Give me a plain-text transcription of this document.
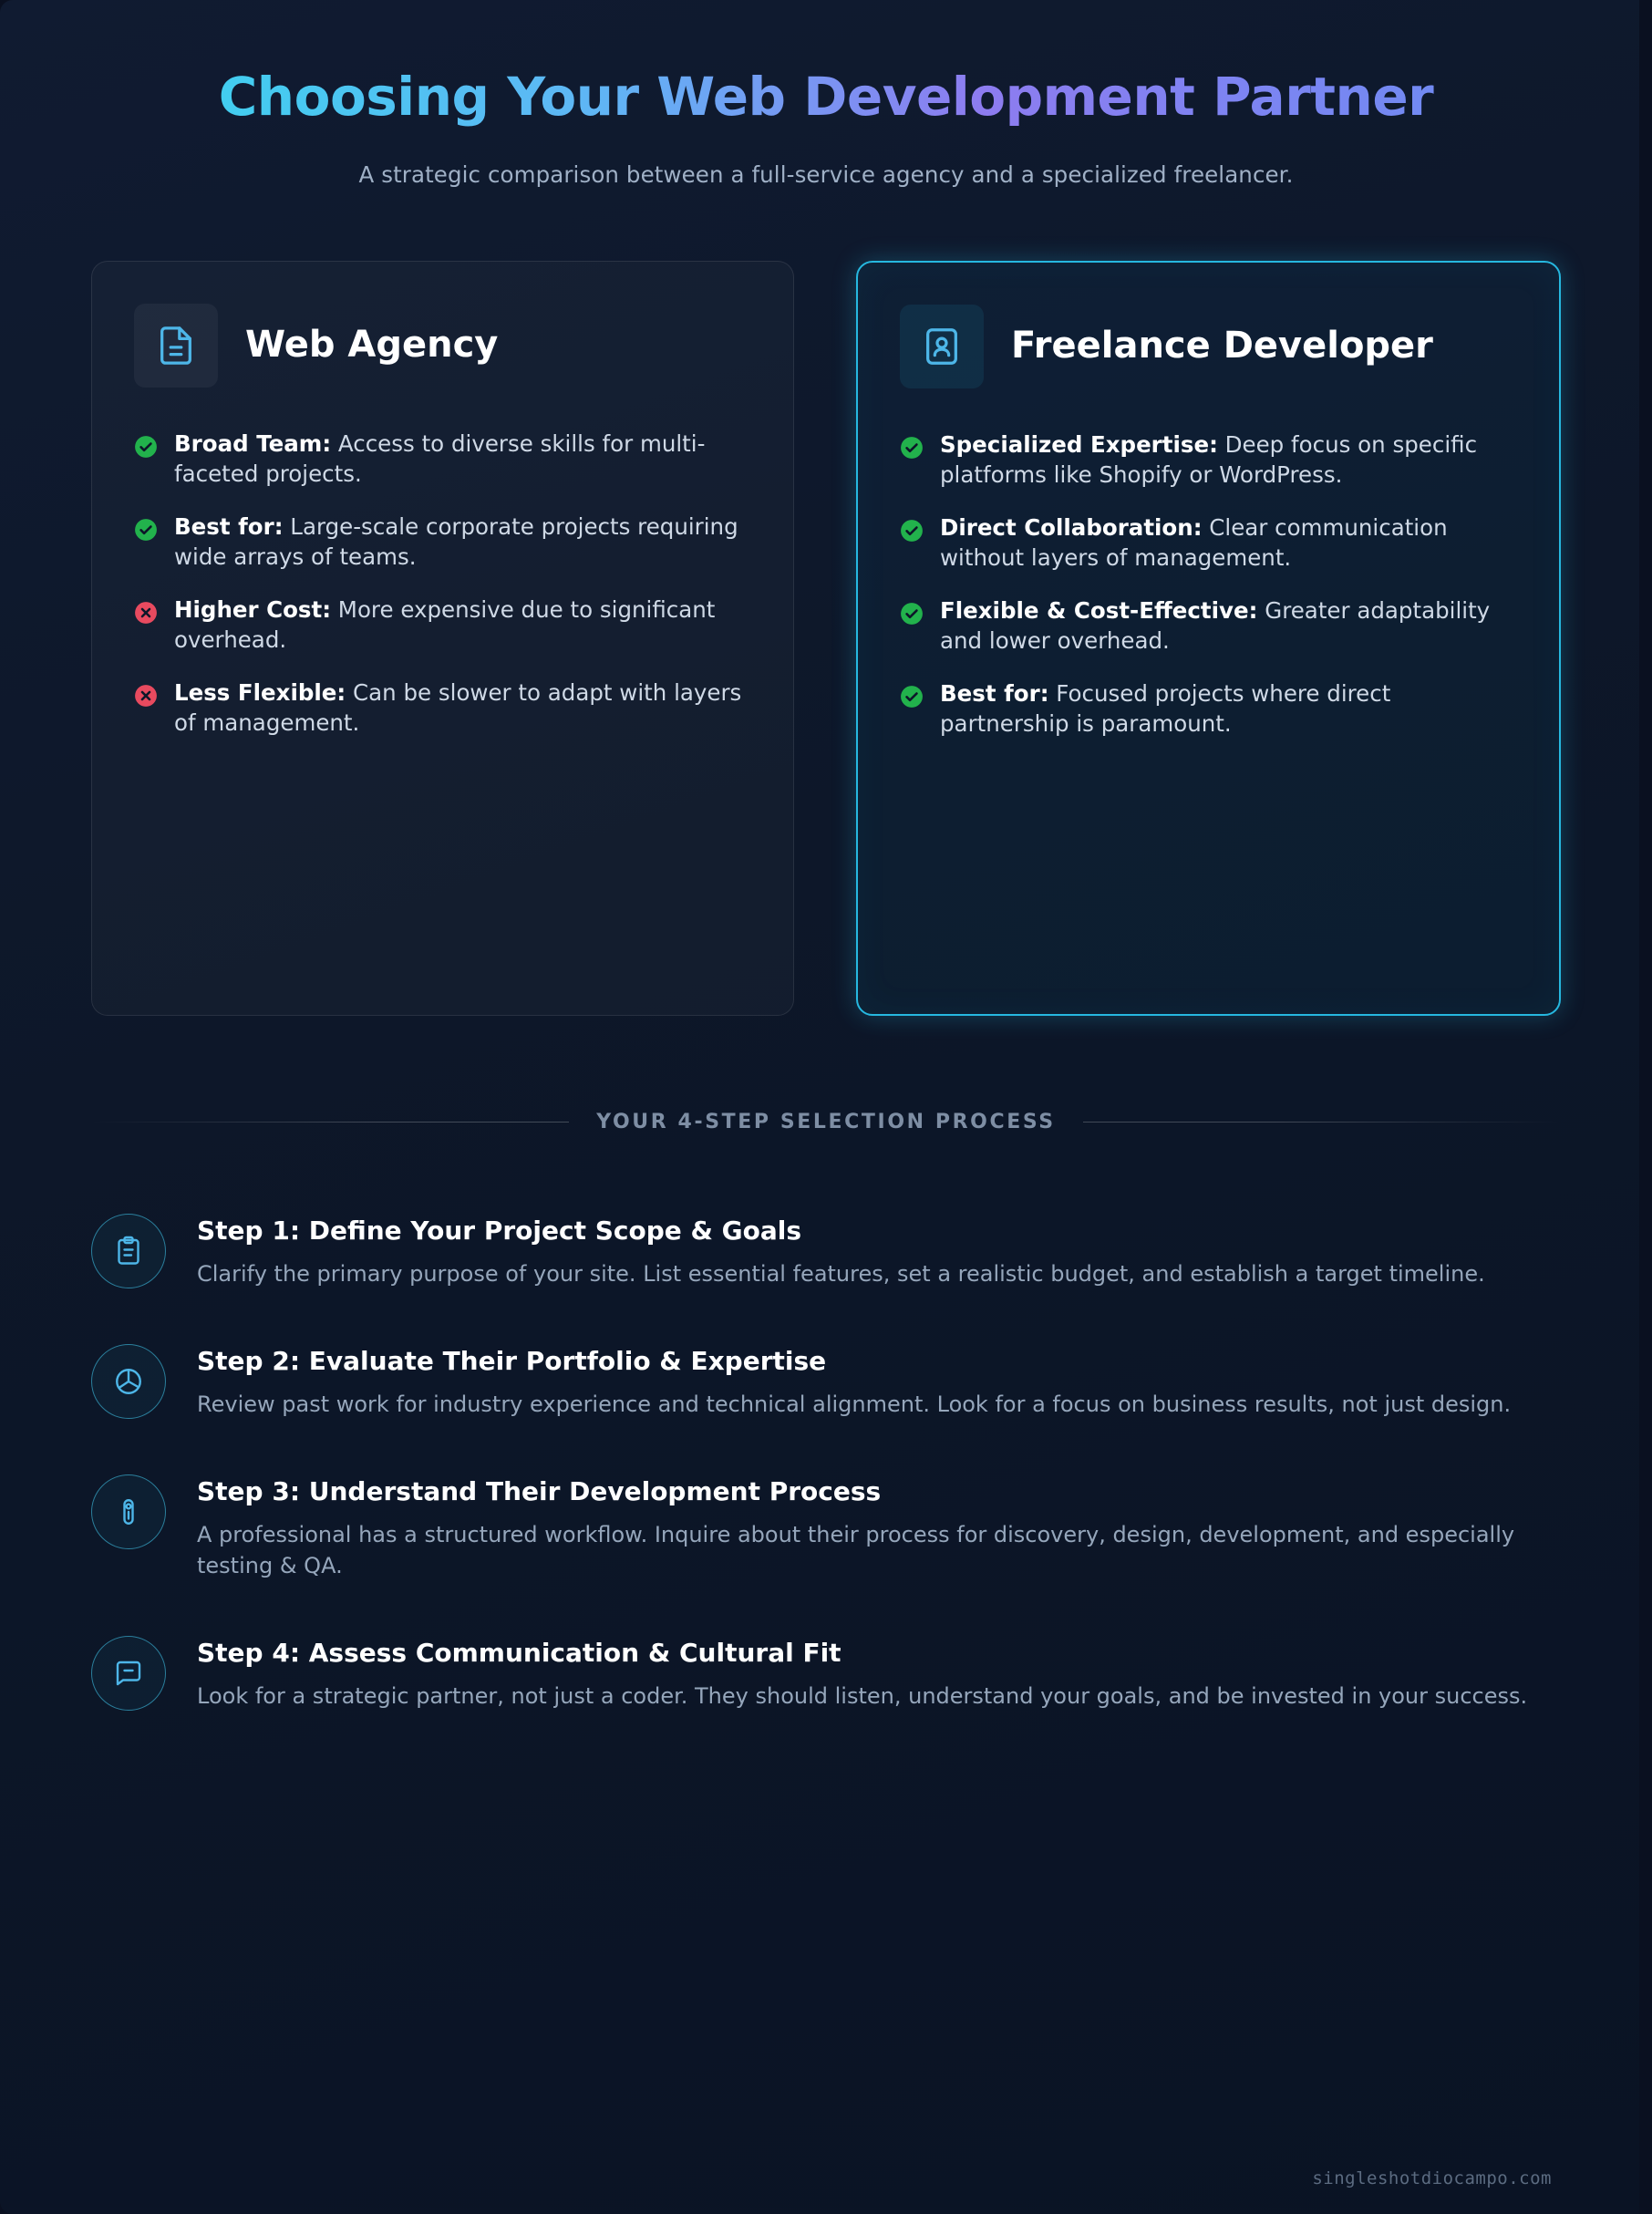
Choosing Your Web Development Partner

A strategic comparison between a full-service agency and a specialized freelancer.

Web Agency
Broad Team: Access to diverse skills for multi-faceted projects.
Best for: Large-scale corporate projects requiring wide arrays of teams.
Higher Cost: More expensive due to significant overhead.
Less Flexible: Can be slower to adapt with layers of management.
Freelance Developer
Specialized Expertise: Deep focus on specific platforms like Shopify or WordPress.
Direct Collaboration: Clear communication without layers of management.
Flexible & Cost-Effective: Greater adaptability and lower overhead.
Best for: Focused projects where direct partnership is paramount.
YOUR 4-STEP SELECTION PROCESS
Step 1: Define Your Project Scope & Goals
Clarify the primary purpose of your site. List essential features, set a realistic budget, and establish a target timeline.
Step 2: Evaluate Their Portfolio & Expertise
Review past work for industry experience and technical alignment. Look for a focus on business results, not just design.
Step 3: Understand Their Development Process
A professional has a structured workflow. Inquire about their process for discovery, design, development, and especially testing & QA.
Step 4: Assess Communication & Cultural Fit
Look for a strategic partner, not just a coder. They should listen, understand your goals, and be invested in your success.
singleshotdiocampo.com
